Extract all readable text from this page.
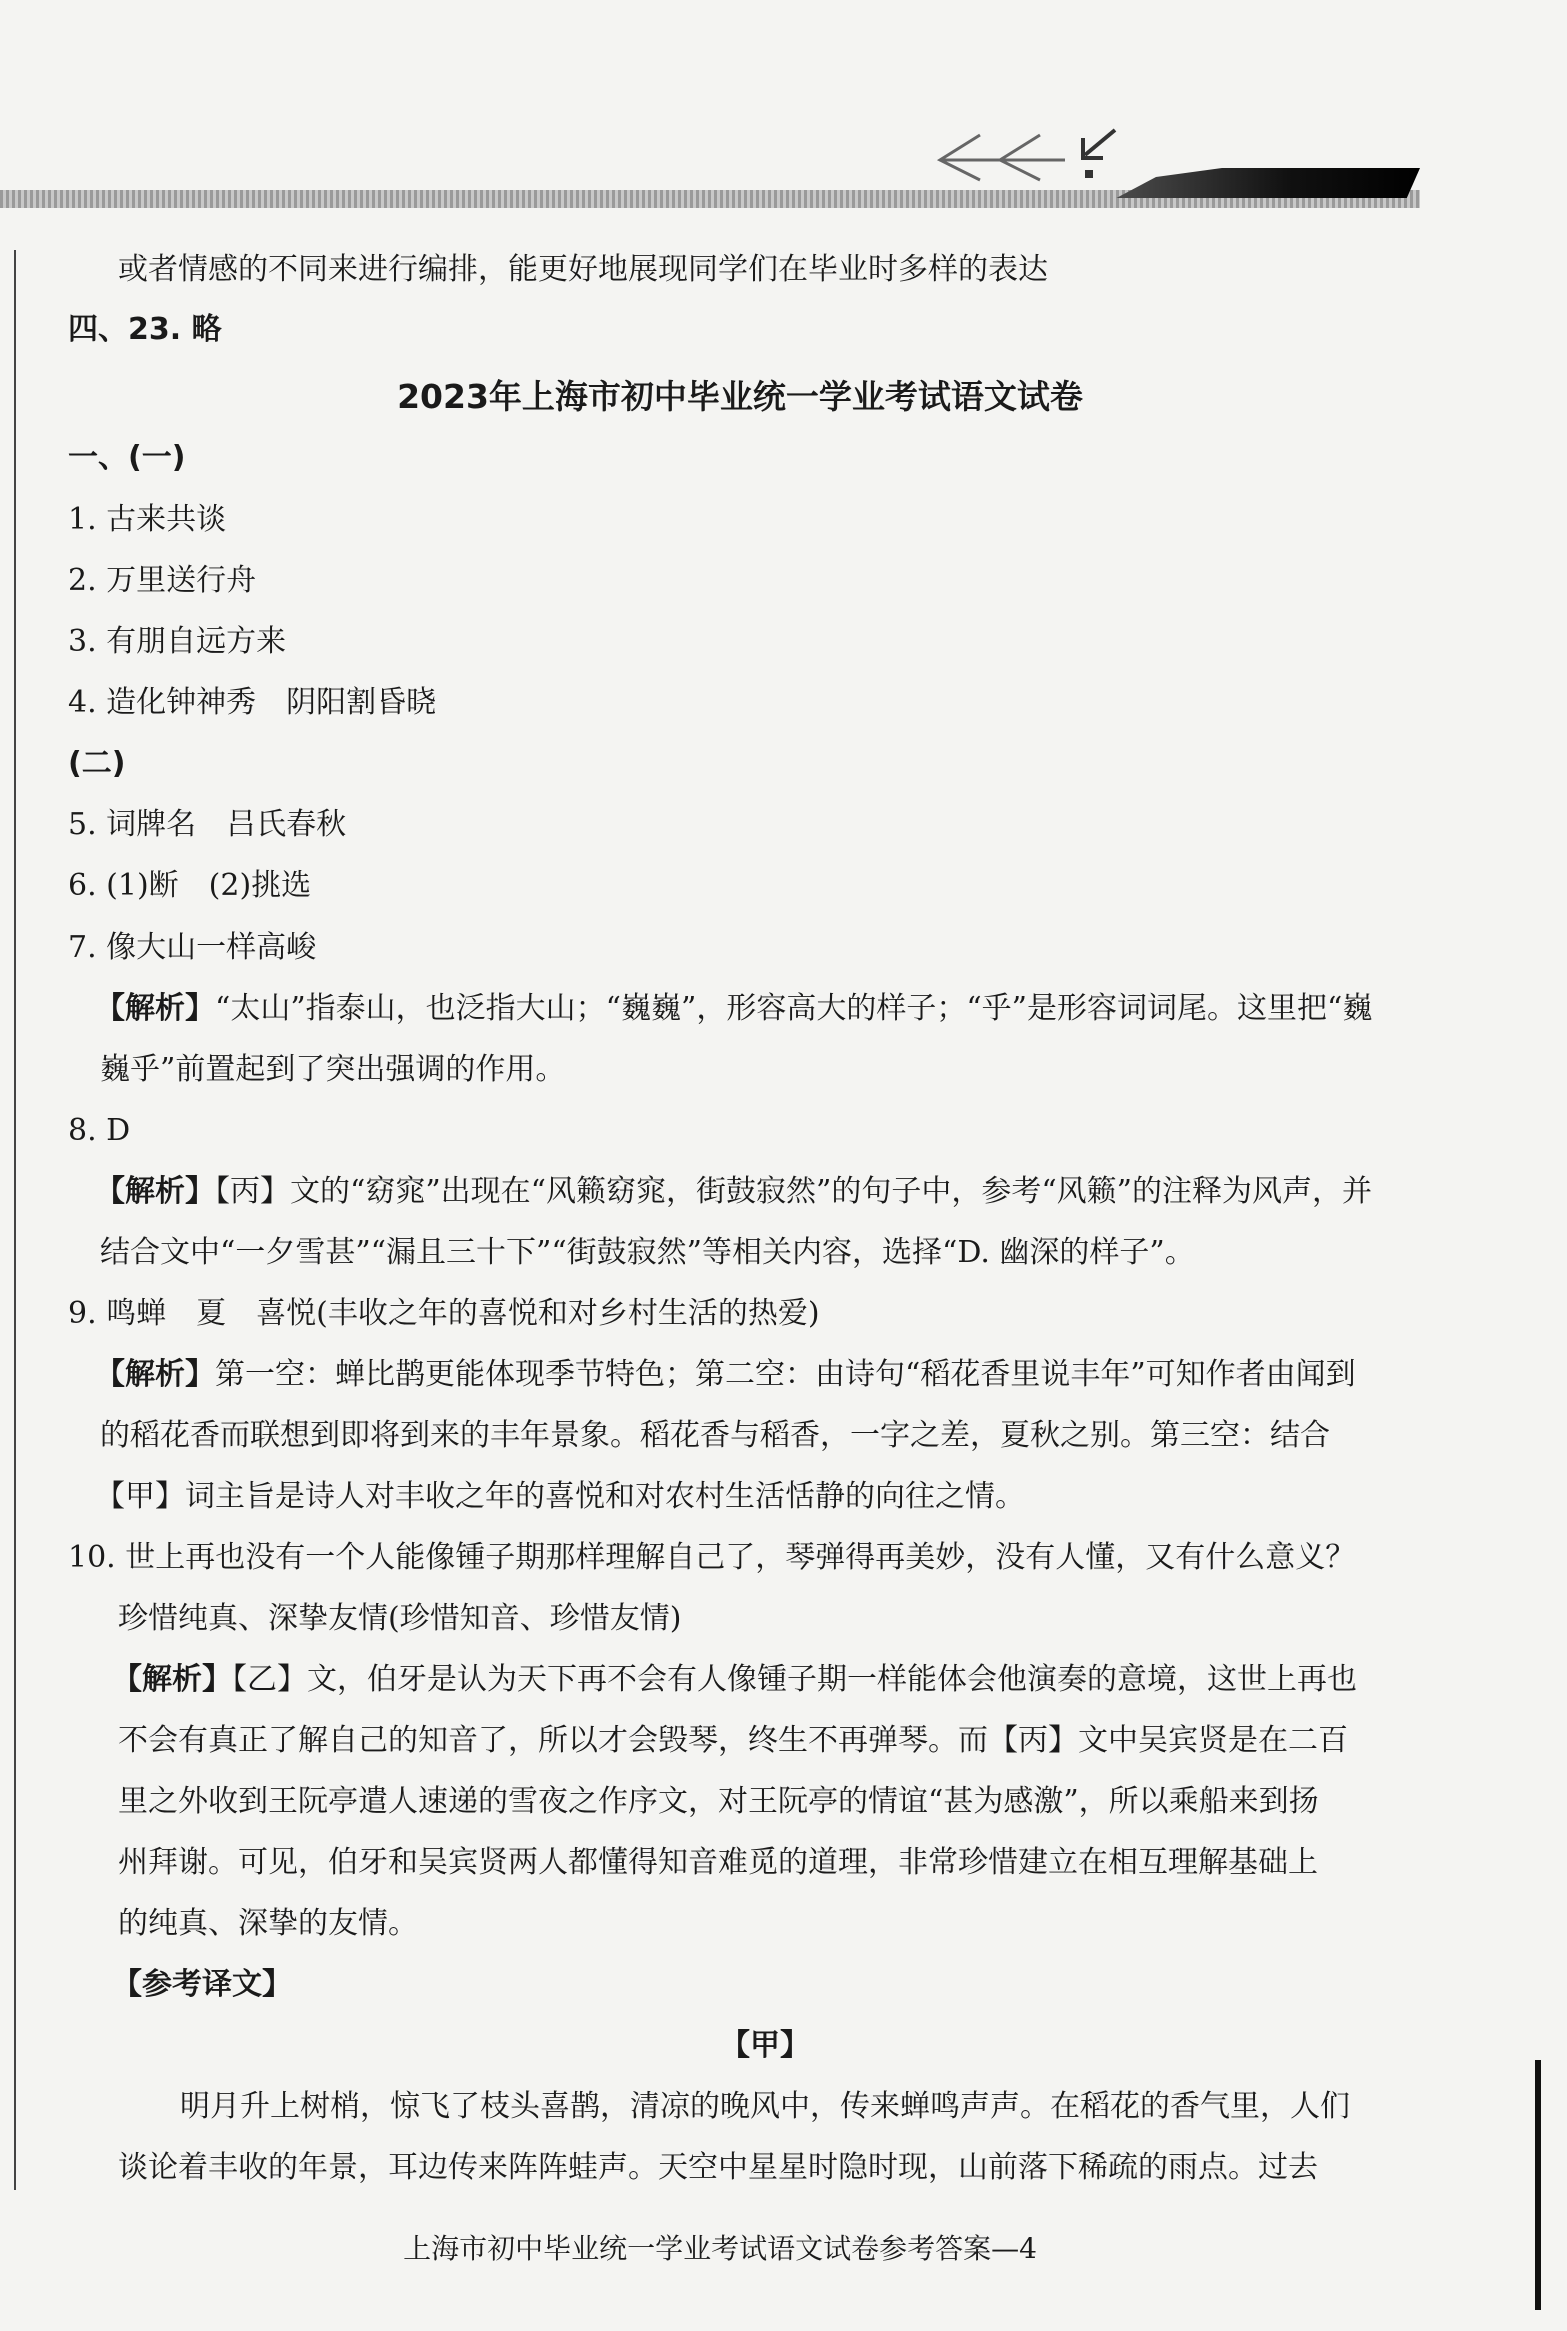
或者情感的不同来进行编排，能更好地展现同学们在毕业时多样的表达
四、23. 略
2023年上海市初中毕业统一学业考试语文试卷
一、(一)
1. 古来共谈
2. 万里送行舟
3. 有朋自远方来
4. 造化钟神秀　阴阳割昏晓
(二)
5. 词牌名　吕氏春秋
6. (1)断　(2)挑选
7. 像大山一样高峻
【解析】“太山”指泰山，也泛指大山；“巍巍”，形容高大的样子；“乎”是形容词词尾。这里把“巍
巍乎”前置起到了突出强调的作用。
8. D
【解析】【丙】文的“窈窕”出现在“风籁窈窕，街鼓寂然”的句子中，参考“风籁”的注释为风声，并
结合文中“一夕雪甚”“漏且三十下”“街鼓寂然”等相关内容，选择“D. 幽深的样子”。
9. 鸣蝉　夏　喜悦(丰收之年的喜悦和对乡村生活的热爱)
【解析】第一空：蝉比鹊更能体现季节特色；第二空：由诗句“稻花香里说丰年”可知作者由闻到
的稻花香而联想到即将到来的丰年景象。稻花香与稻香，一字之差，夏秋之别。第三空：结合
【甲】词主旨是诗人对丰收之年的喜悦和对农村生活恬静的向往之情。
10. 世上再也没有一个人能像锺子期那样理解自己了，琴弹得再美妙，没有人懂，又有什么意义？
珍惜纯真、深挚友情(珍惜知音、珍惜友情)
【解析】【乙】文，伯牙是认为天下再不会有人像锺子期一样能体会他演奏的意境，这世上再也
不会有真正了解自己的知音了，所以才会毁琴，终生不再弹琴。而【丙】文中吴宾贤是在二百
里之外收到王阮亭遣人速递的雪夜之作序文，对王阮亭的情谊“甚为感激”，所以乘船来到扬
州拜谢。可见，伯牙和吴宾贤两人都懂得知音难觅的道理，非常珍惜建立在相互理解基础上
的纯真、深挚的友情。
【参考译文】
【甲】
明月升上树梢，惊飞了枝头喜鹊，清凉的晚风中，传来蝉鸣声声。在稻花的香气里，人们
谈论着丰收的年景，耳边传来阵阵蛙声。天空中星星时隐时现，山前落下稀疏的雨点。过去
上海市初中毕业统一学业考试语文试卷参考答案—4
